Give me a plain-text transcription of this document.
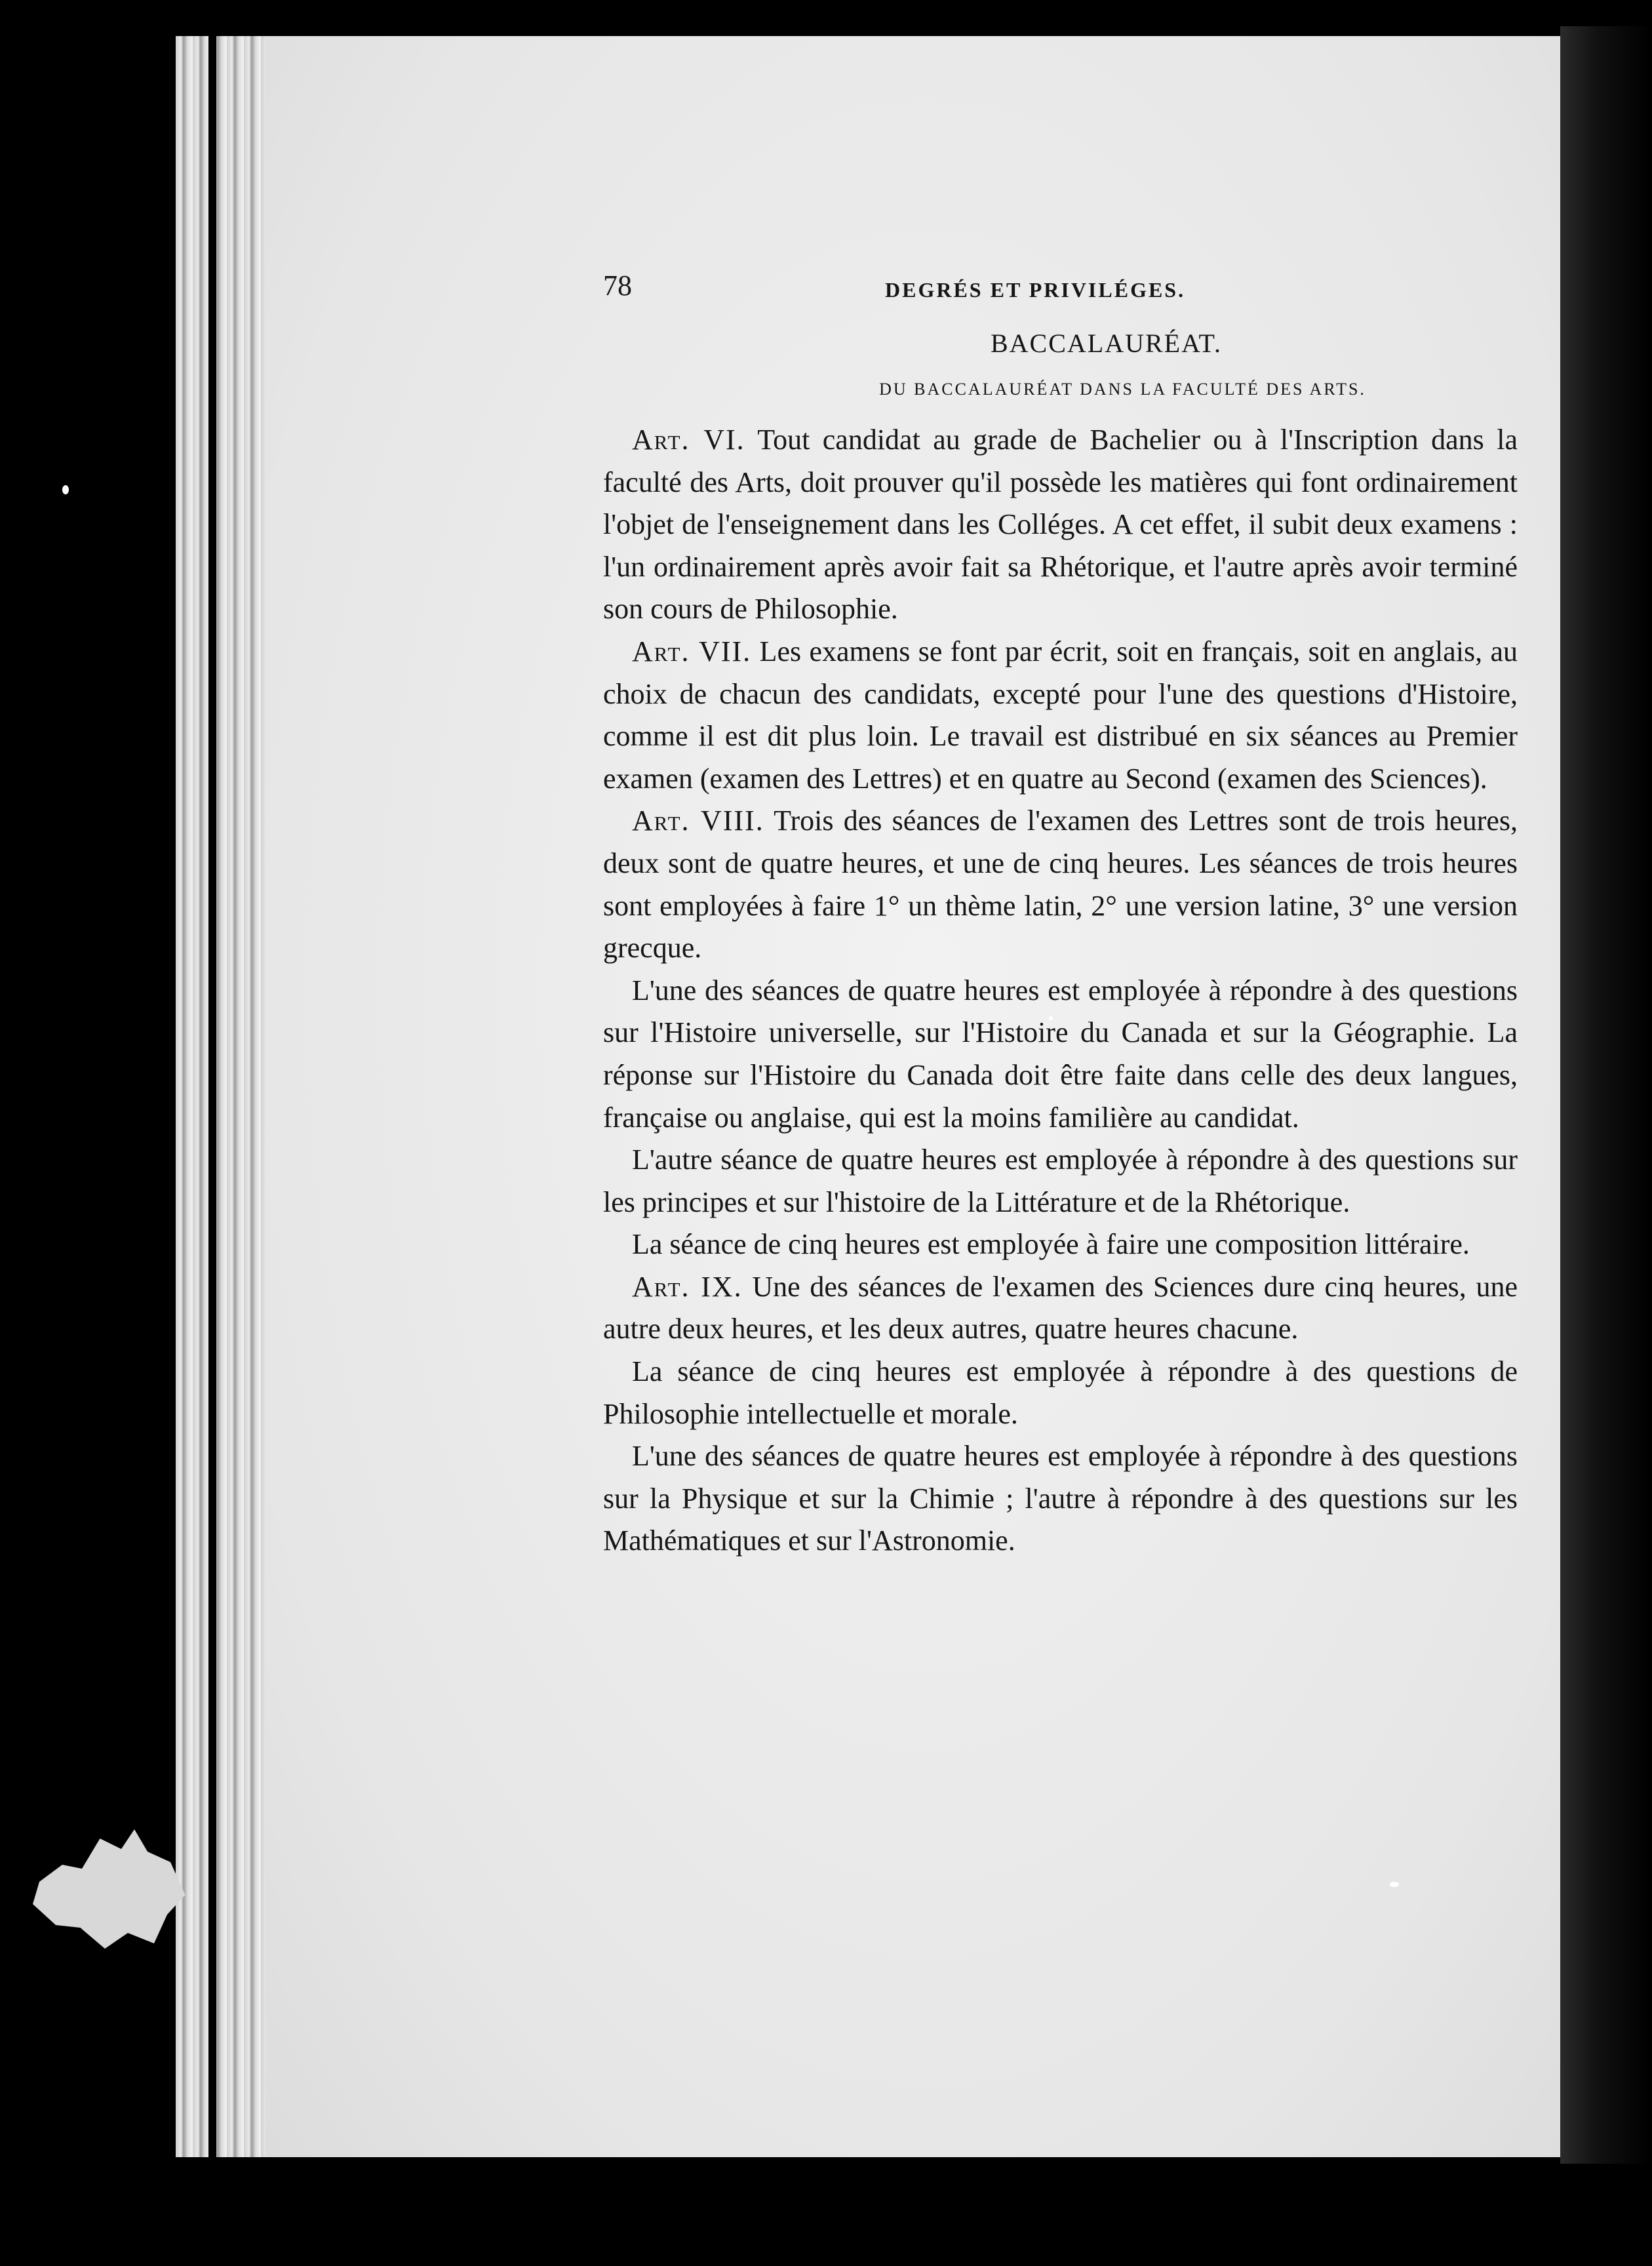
78	DEGRÉS ET PRIVILÉGES.
BACCALAURÉAT.
DU BACCALAURÉAT DANS LA FACULTÉ DES ARTS.

Art. VI. Tout candidat au grade de Bachelier ou à l'Inscription dans la faculté des Arts, doit prouver qu'il possède les matières qui font ordinairement l'objet de l'enseignement dans les Colléges. A cet effet, il subit deux examens : l'un ordinairement après avoir fait sa Rhétorique, et l'autre après avoir terminé son cours de Philosophie.

Art. VII. Les examens se font par écrit, soit en français, soit en anglais, au choix de chacun des candidats, excepté pour l'une des questions d'Histoire, comme il est dit plus loin. Le travail est distribué en six séances au Premier examen (examen des Lettres) et en quatre au Second (examen des Sciences).

Art. VIII. Trois des séances de l'examen des Lettres sont de trois heures, deux sont de quatre heures, et une de cinq heures. Les séances de trois heures sont employées à faire 1° un thème latin, 2° une version latine, 3° une version grecque.

L'une des séances de quatre heures est employée à répondre à des questions sur l'Histoire universelle, sur l'Histoire du Canada et sur la Géographie. La réponse sur l'Histoire du Canada doit être faite dans celle des deux langues, française ou anglaise, qui est la moins familière au candidat.

L'autre séance de quatre heures est employée à répondre à des questions sur les principes et sur l'histoire de la Littérature et de la Rhétorique.

La séance de cinq heures est employée à faire une composition littéraire.

Art. IX. Une des séances de l'examen des Sciences dure cinq heures, une autre deux heures, et les deux autres, quatre heures chacune.

La séance de cinq heures est employée à répondre à des questions de Philosophie intellectuelle et morale.

L'une des séances de quatre heures est employée à répondre à des questions sur la Physique et sur la Chimie ; l'autre à répondre à des questions sur les Mathématiques et sur l'Astronomie.
